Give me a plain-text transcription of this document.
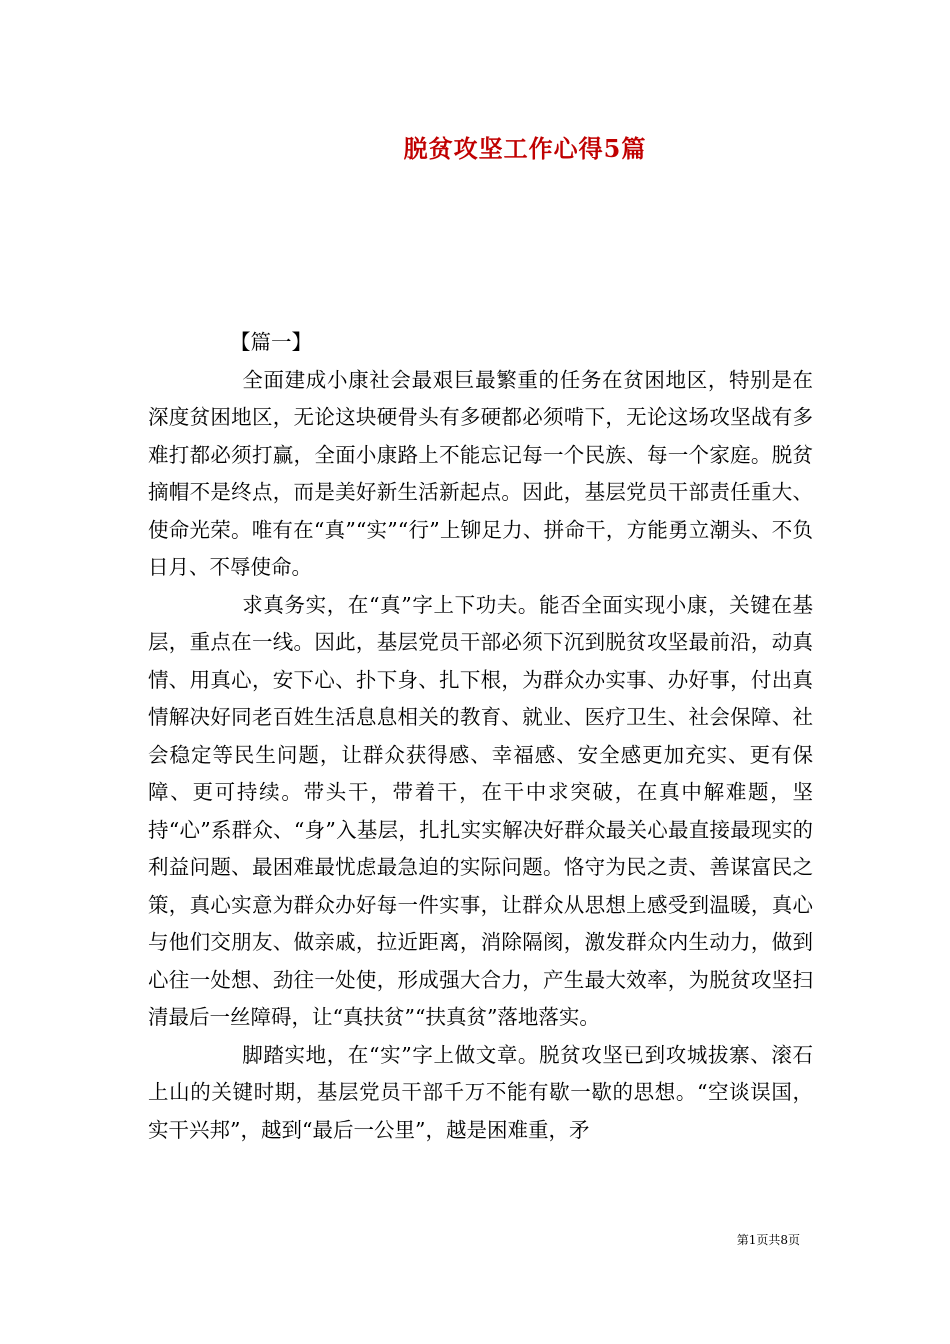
脱贫攻坚工作心得5篇

【篇一】

全面建成小康社会最艰巨最繁重的任务在贫困地区，特别是在深度贫困地区，无论这块硬骨头有多硬都必须啃下，无论这场攻坚战有多难打都必须打赢，全面小康路上不能忘记每一个民族、每一个家庭。脱贫摘帽不是终点，而是美好新生活新起点。因此，基层党员干部责任重大、使命光荣。唯有在“真”“实”“行”上铆足力、拼命干，方能勇立潮头、不负日月、不辱使命。

求真务实，在“真”字上下功夫。能否全面实现小康，关键在基层，重点在一线。因此，基层党员干部必须下沉到脱贫攻坚最前沿，动真情、用真心，安下心、扑下身、扎下根，为群众办实事、办好事，付出真情解决好同老百姓生活息息相关的教育、就业、医疗卫生、社会保障、社会稳定等民生问题，让群众获得感、幸福感、安全感更加充实、更有保障、更可持续。带头干，带着干，在干中求突破，在真中解难题，坚持“心”系群众、“身”入基层，扎扎实实解决好群众最关心最直接最现实的利益问题、最困难最忧虑最急迫的实际问题。恪守为民之责、善谋富民之策，真心实意为群众办好每一件实事，让群众从思想上感受到温暖，真心与他们交朋友、做亲戚，拉近距离，消除隔阂，激发群众内生动力，做到心往一处想、劲往一处使，形成强大合力，产生最大效率，为脱贫攻坚扫清最后一丝障碍，让“真扶贫”“扶真贫”落地落实。

脚踏实地，在“实”字上做文章。脱贫攻坚已到攻城拔寨、滚石上山的关键时期，基层党员干部千万不能有歇一歇的思想。“空谈误国，实干兴邦”，越到“最后一公里”，越是困难重，矛

第1页共8页
